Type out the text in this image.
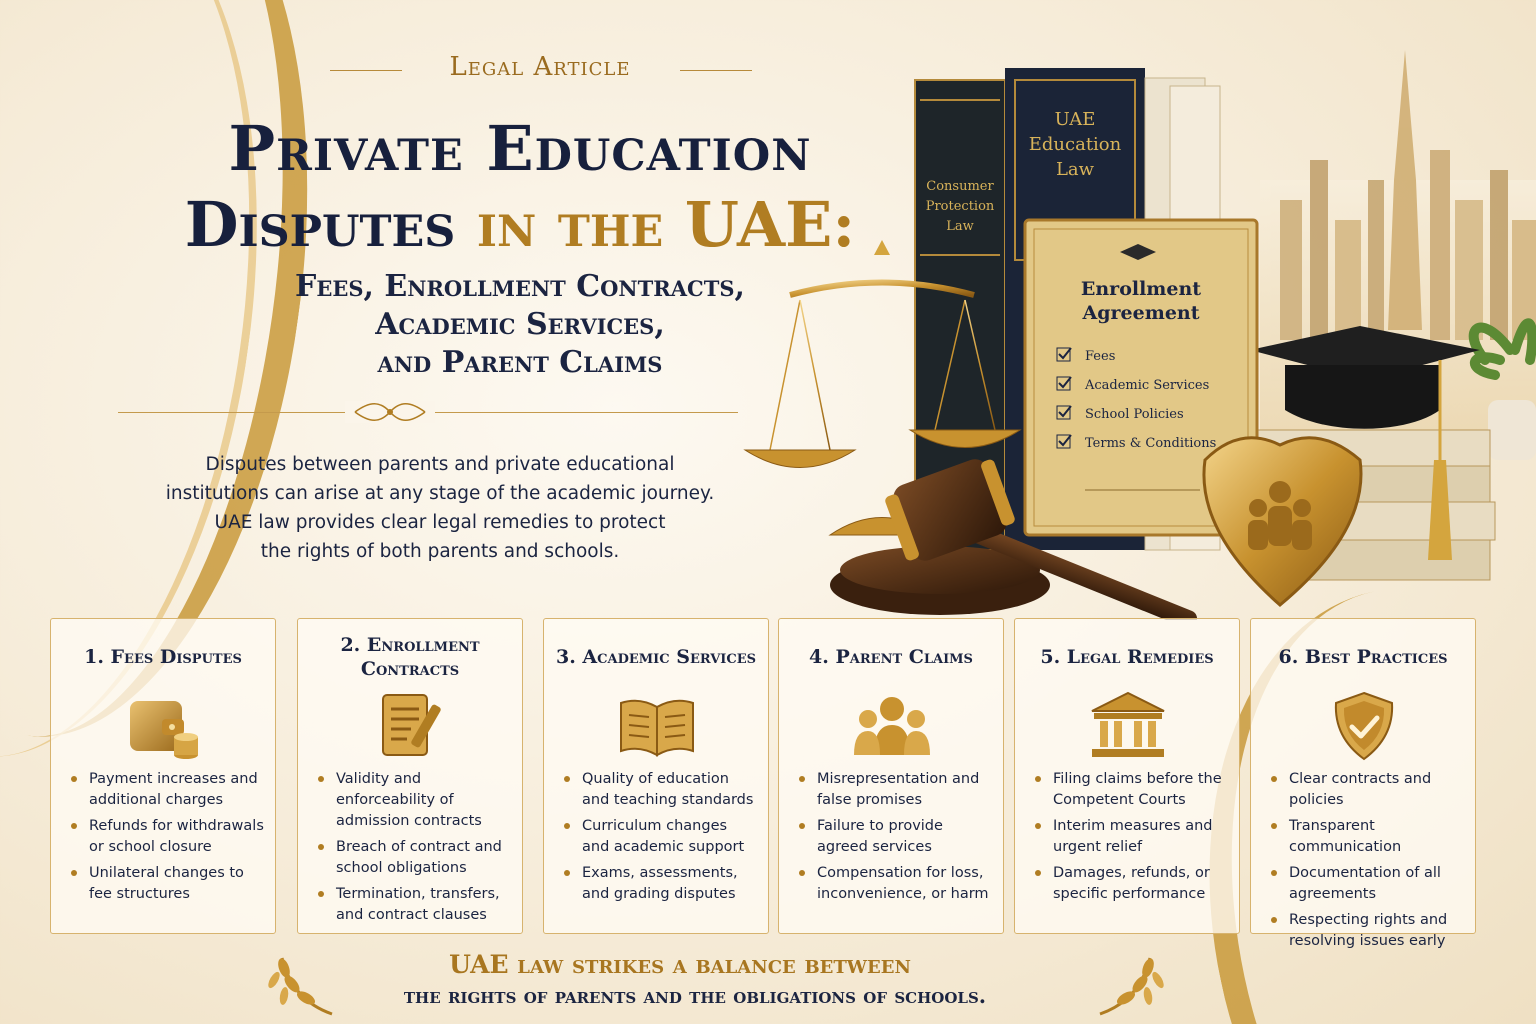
Legal Article
Private Education
Disputes in the UAE:
Fees, Enrollment Contracts,
Academic Services,
and Parent Claims
Disputes between parents and private educational
institutions can arise at any stage of the academic journey.
UAE law provides clear legal remedies to protect
the rights of both parents and schools.
Consumer
Protection
Law
UAE
Education
Law
Enrollment
Agreement
Fees
Academic Services
School Policies
Terms & Conditions
1. Fees Disputes
Payment increases and additional charges
Refunds for withdrawals or school closure
Unilateral changes to fee structures
2. Enrollment Contracts
Validity and enforceability of admission contracts
Breach of contract and school obligations
Termination, transfers, and contract clauses
3. Academic Services
Quality of education and teaching standards
Curriculum changes and academic support
Exams, assessments, and grading disputes
4. Parent Claims
Misrepresentation and false promises
Failure to provide agreed services
Compensation for loss, inconvenience, or harm
5. Legal Remedies
Filing claims before the Competent Courts
Interim measures and urgent relief
Damages, refunds, or specific performance
6. Best Practices
Clear contracts and policies
Transparent communication
Documentation of all agreements
Respecting rights and resolving issues early
UAE law strikes a balance between
the rights of parents and the obligations of schools.
